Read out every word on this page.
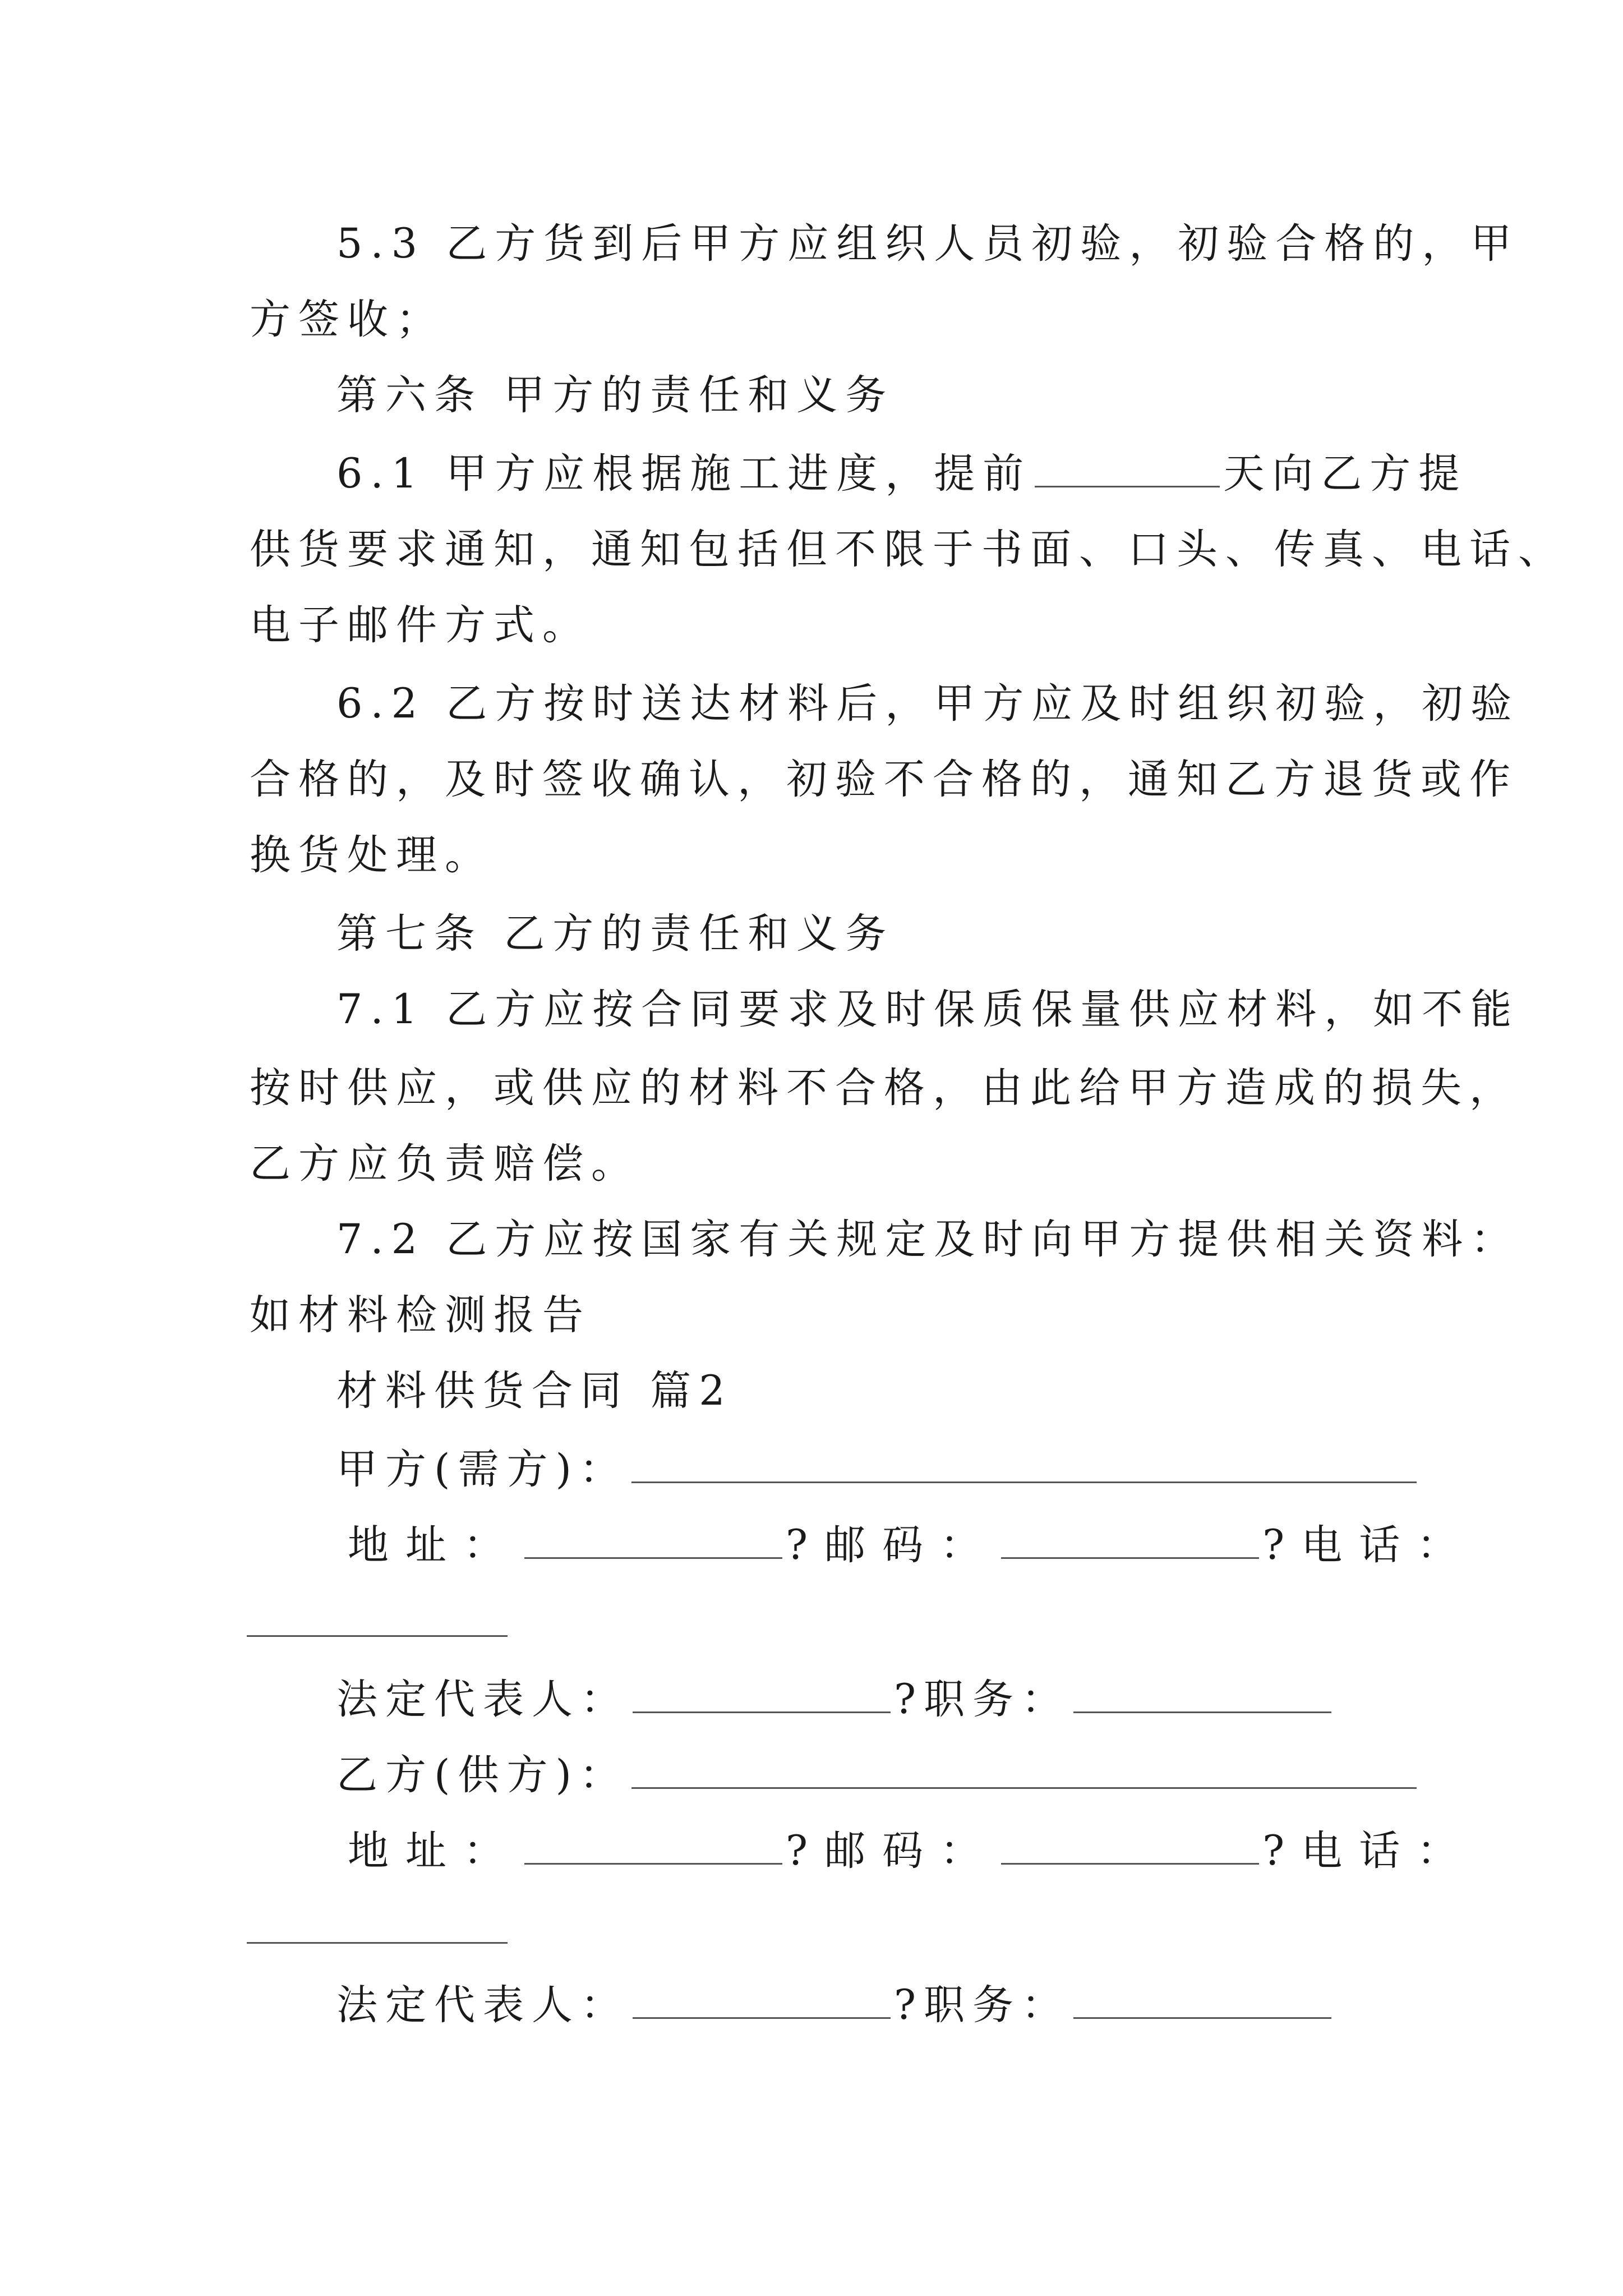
5.3 乙方货到后甲方应组织人员初验，初验合格的，甲
方签收；
第六条 甲方的责任和义务
6.1 甲方应根据施工进度，提前	天向乙方提
供货要求通知，通知包括但不限于书面、口头、传真、电话、
电子邮件方式。
6.2 乙方按时送达材料后，甲方应及时组织初验，初验
合格的，及时签收确认，初验不合格的，通知乙方退货或作
换货处理。
第七条 乙方的责任和义务
7.1 乙方应按合同要求及时保质保量供应材料，如不能
按时供应，或供应的材料不合格，由此给甲方造成的损失，
乙方应负责赔偿。
7.2 乙方应按国家有关规定及时向甲方提供相关资料：
如材料检测报告
材料供货合同 篇2
甲方(需方)：
地址：	?邮码：	?电话：
法定代表人：	?职务：
乙方(供方)：
地址：	?邮码：	?电话：
法定代表人：	?职务：
